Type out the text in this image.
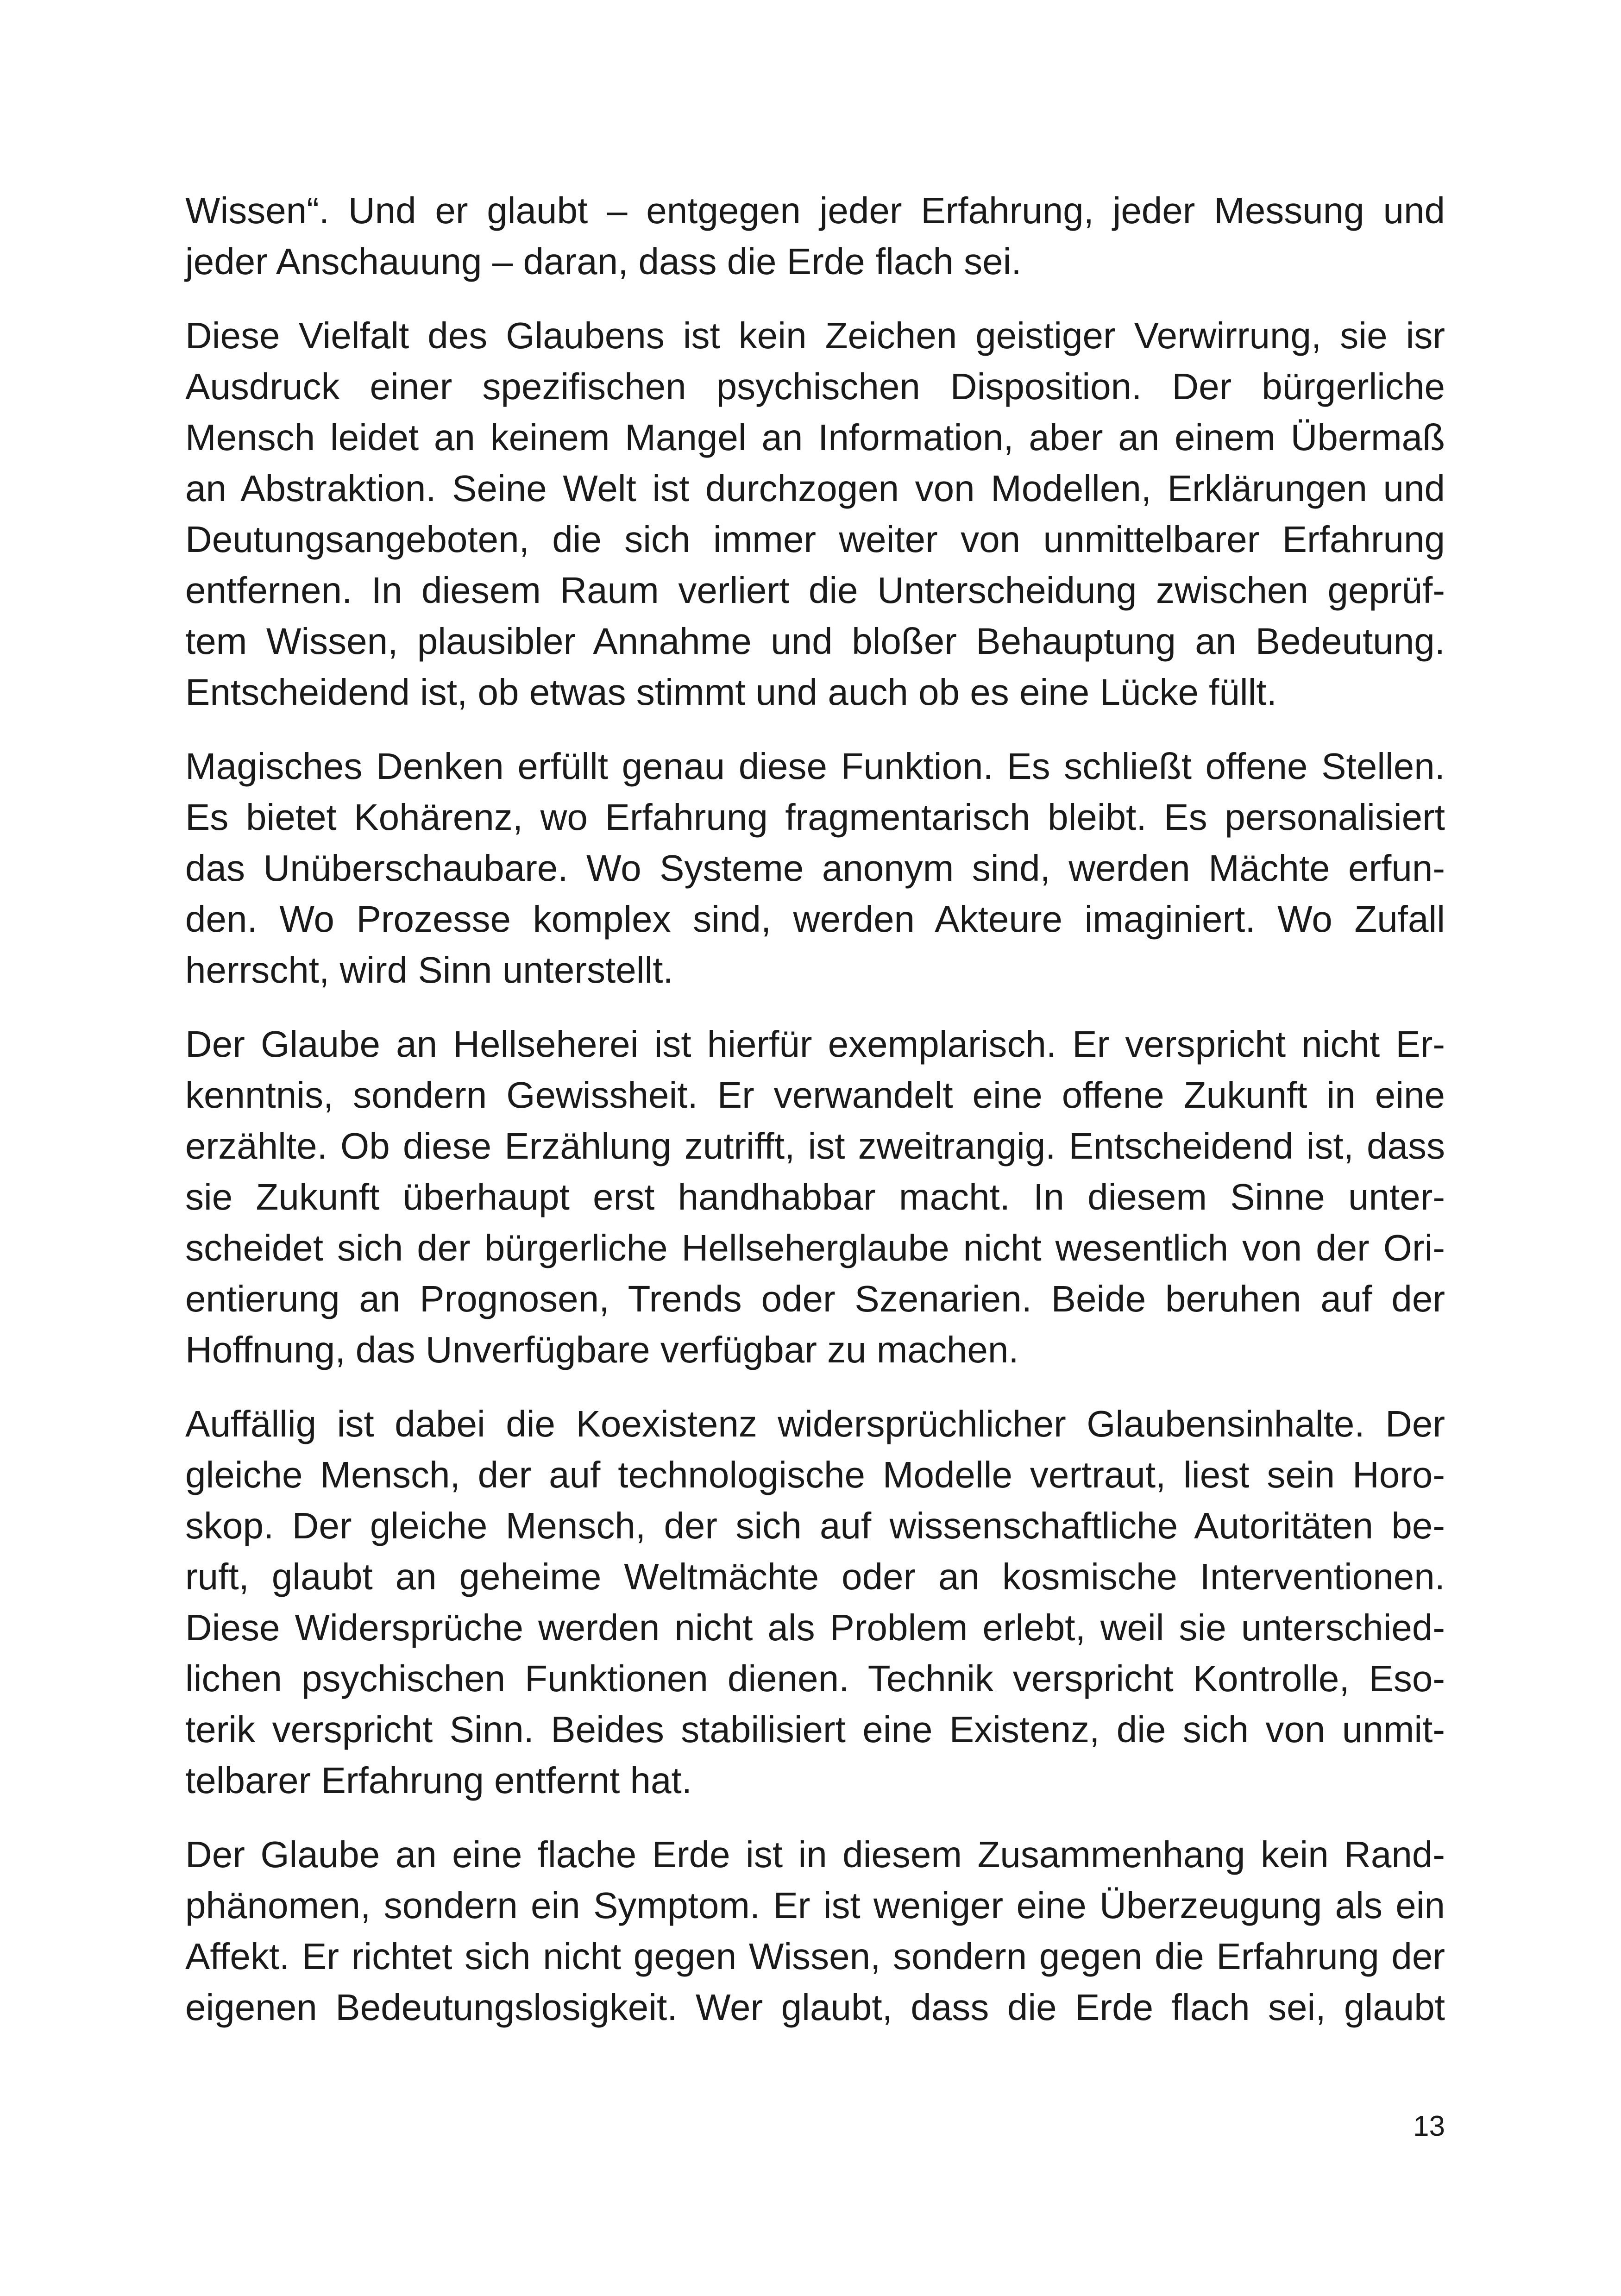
Wissen“. Und er glaubt – entgegen jeder Erfahrung, jeder Messung und
jeder Anschauung – daran, dass die Erde flach sei.

Diese Vielfalt des Glaubens ist kein Zeichen geistiger Verwirrung, sie isr
Ausdruck einer spezifischen psychischen Disposition. Der bürgerliche
Mensch leidet an keinem Mangel an Information, aber an einem Übermaß
an Abstraktion. Seine Welt ist durchzogen von Modellen, Erklärungen und
Deutungsangeboten, die sich immer weiter von unmittelbarer Erfahrung
entfernen. In diesem Raum verliert die Unterscheidung zwischen geprüf-
tem Wissen, plausibler Annahme und bloßer Behauptung an Bedeutung.
Entscheidend ist, ob etwas stimmt und auch ob es eine Lücke füllt.

Magisches Denken erfüllt genau diese Funktion. Es schließt offene Stellen.
Es bietet Kohärenz, wo Erfahrung fragmentarisch bleibt. Es personalisiert
das Unüberschaubare. Wo Systeme anonym sind, werden Mächte erfun-
den. Wo Prozesse komplex sind, werden Akteure imaginiert. Wo Zufall
herrscht, wird Sinn unterstellt.

Der Glaube an Hellseherei ist hierfür exemplarisch. Er verspricht nicht Er-
kenntnis, sondern Gewissheit. Er verwandelt eine offene Zukunft in eine
erzählte. Ob diese Erzählung zutrifft, ist zweitrangig. Entscheidend ist, dass
sie Zukunft überhaupt erst handhabbar macht. In diesem Sinne unter-
scheidet sich der bürgerliche Hellseherglaube nicht wesentlich von der Ori-
entierung an Prognosen, Trends oder Szenarien. Beide beruhen auf der
Hoffnung, das Unverfügbare verfügbar zu machen.

Auffällig ist dabei die Koexistenz widersprüchlicher Glaubensinhalte. Der
gleiche Mensch, der auf technologische Modelle vertraut, liest sein Horo-
skop. Der gleiche Mensch, der sich auf wissenschaftliche Autoritäten be-
ruft, glaubt an geheime Weltmächte oder an kosmische Interventionen.
Diese Widersprüche werden nicht als Problem erlebt, weil sie unterschied-
lichen psychischen Funktionen dienen. Technik verspricht Kontrolle, Eso-
terik verspricht Sinn. Beides stabilisiert eine Existenz, die sich von unmit-
telbarer Erfahrung entfernt hat.

Der Glaube an eine flache Erde ist in diesem Zusammenhang kein Rand-
phänomen, sondern ein Symptom. Er ist weniger eine Überzeugung als ein
Affekt. Er richtet sich nicht gegen Wissen, sondern gegen die Erfahrung der
eigenen Bedeutungslosigkeit. Wer glaubt, dass die Erde flach sei, glaubt

13
